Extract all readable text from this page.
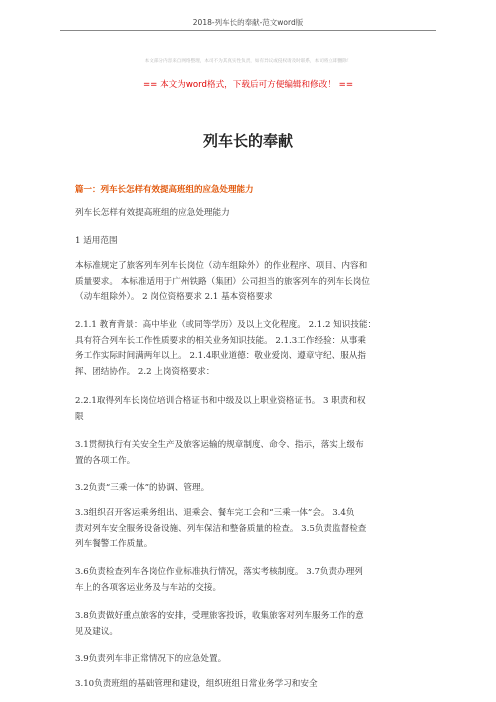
2018-列车长的奉献-范文word版
本文部分内容来自网络整理，本司不为其真实性负责，如有异议或侵权请及时联系，本司将立即删除！
== 本文为word格式，下载后可方便编辑和修改！ ==
列车长的奉献
篇一：列车长怎样有效提高班组的应急处理能力
列车长怎样有效提高班组的应急处理能力
1 适用范围
本标准规定了旅客列车列车长岗位（动车组除外）的作业程序、项目、内容和
质量要求。 本标准适用于广州铁路（集团）公司担当的旅客列车的列车长岗位
（动车组除外）。 2 岗位资格要求 2.1 基本资格要求
2.1.1 教育背景：高中毕业（或同等学历）及以上文化程度。 2.1.2 知识技能：
具有符合列车长工作性质要求的相关业务知识技能。 2.1.3工作经验：从事乘
务工作实际时间满两年以上。 2.1.4职业道德：敬业爱岗、遵章守纪、服从指
挥、团结协作。 2.2 上岗资格要求：
2.2.1取得列车长岗位培训合格证书和中级及以上职业资格证书。 3 职责和权
限
3.1贯彻执行有关安全生产及旅客运输的规章制度、命令、指示，落实上级布
置的各项工作。
3.2负责“三乘一体”的协调、管理。
3.3组织召开客运乘务组出、退乘会、餐车完工会和“三乘一体”会。 3.4负
责对列车安全服务设备设施、列车保洁和整备质量的检查。 3.5负责监督检查
列车餐警工作质量。
3.6负责检查列车各岗位作业标准执行情况，落实考核制度。 3.7负责办理列
车上的各项客运业务及与车站的交接。
3.8负责做好重点旅客的安排，受理旅客投诉，收集旅客对列车服务工作的意
见及建议。
3.9负责列车非正常情况下的应急处置。
3.10负责班组的基础管理和建设，组织班组日常业务学习和安全
